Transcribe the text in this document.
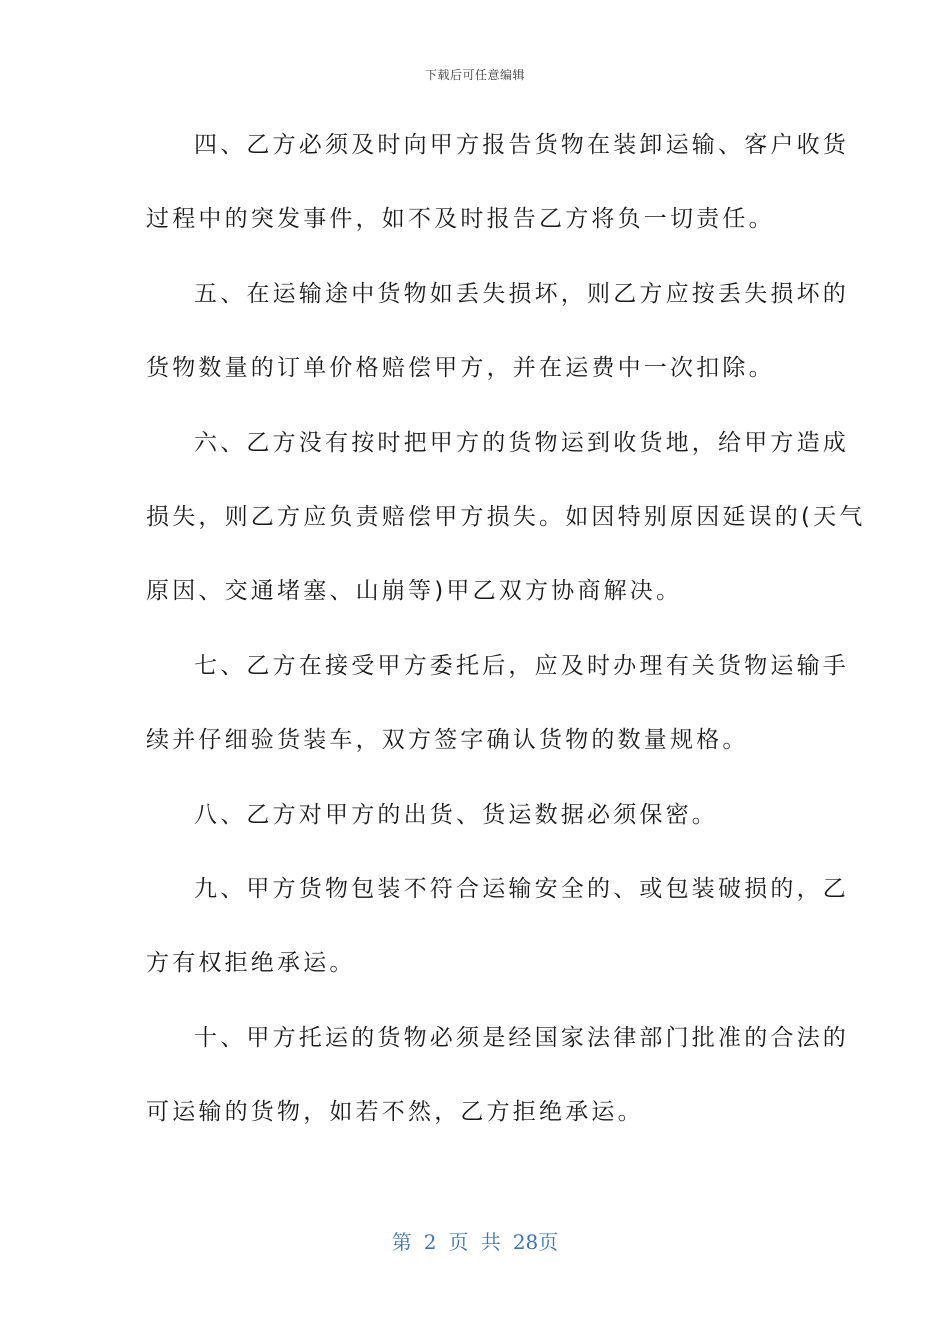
下载后可任意编辑
四、乙方必须及时向甲方报告货物在装卸运输、客户收货
过程中的突发事件，如不及时报告乙方将负一切责任。
五、在运输途中货物如丢失损坏，则乙方应按丢失损坏的
货物数量的订单价格赔偿甲方，并在运费中一次扣除。
六、乙方没有按时把甲方的货物运到收货地，给甲方造成
损失，则乙方应负责赔偿甲方损失。如因特别原因延误的(天气
原因、交通堵塞、山崩等)甲乙双方协商解决。
七、乙方在接受甲方委托后，应及时办理有关货物运输手
续并仔细验货装车，双方签字确认货物的数量规格。
八、乙方对甲方的出货、货运数据必须保密。
九、甲方货物包装不符合运输安全的、或包装破损的，乙
方有权拒绝承运。
十、甲方托运的货物必须是经国家法律部门批准的合法的
可运输的货物，如若不然，乙方拒绝承运。
第 2 页 共 28页
